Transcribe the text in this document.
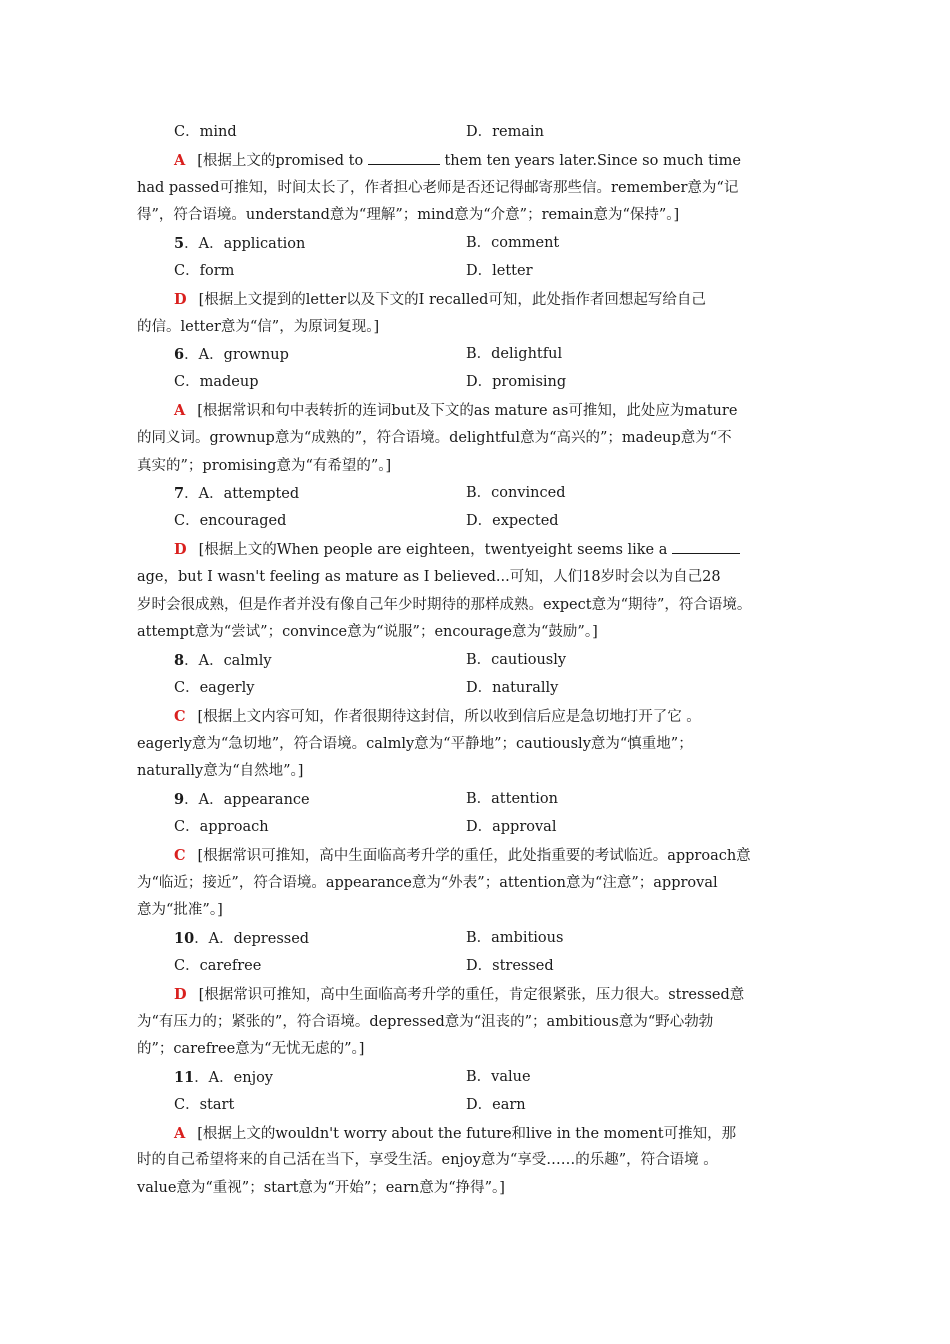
C．mind	D．remain
A [根据上文的promised to	them ten years later.Since so much time
had passed可推知，时间太长了，作者担心老师是否还记得邮寄那些信。remember意为“记
得”，符合语境。understand意为“理解”；mind意为“介意”；remain意为“保持”。]
5．A．application	B．comment
C．form	D．letter
D [根据上文提到的letter以及下文的I recalled可知，此处指作者回想起写给自己
的信。letter意为“信”，为原词复现。]
6．A．grownup	B．delightful
C．madeup	D．promising
A [根据常识和句中表转折的连词but及下文的as mature as可推知，此处应为mature
的同义词。grownup意为“成熟的”，符合语境。delightful意为“高兴的”；madeup意为“不
真实的”；promising意为“有希望的”。]
7．A．attempted	B．convinced
C．encouraged	D．expected
D [根据上文的When people are eighteen，twentyeight seems like a
age，but I wasn't feeling as mature as I believed...可知，人们18岁时会以为自己28
岁时会很成熟，但是作者并没有像自己年少时期待的那样成熟。expect意为“期待”，符合语境。
attempt意为“尝试”；convince意为“说服”；encourage意为“鼓励”。]
8．A．calmly	B．cautiously
C．eagerly	D．naturally
C [根据上文内容可知，作者很期待这封信，所以收到信后应是急切地打开了它 。
eagerly意为“急切地”，符合语境。calmly意为“平静地”；cautiously意为“慎重地”；
naturally意为“自然地”。]
9．A．appearance	B．attention
C．approach	D．approval
C [根据常识可推知，高中生面临高考升学的重任，此处指重要的考试临近。approach意
为“临近；接近”，符合语境。appearance意为“外表”；attention意为“注意”；approval
意为“批准”。]
10．A．depressed	B．ambitious
C．carefree	D．stressed
D [根据常识可推知，高中生面临高考升学的重任，肯定很紧张，压力很大。stressed意
为“有压力的；紧张的”，符合语境。depressed意为“沮丧的”；ambitious意为“野心勃勃
的”；carefree意为“无忧无虑的”。]
11．A．enjoy	B．value
C．start	D．earn
A [根据上文的wouldn't worry about the future和live in the moment可推知，那
时的自己希望将来的自己活在当下，享受生活。enjoy意为“享受……的乐趣”，符合语境 。
value意为“重视”；start意为“开始”；earn意为“挣得”。]
